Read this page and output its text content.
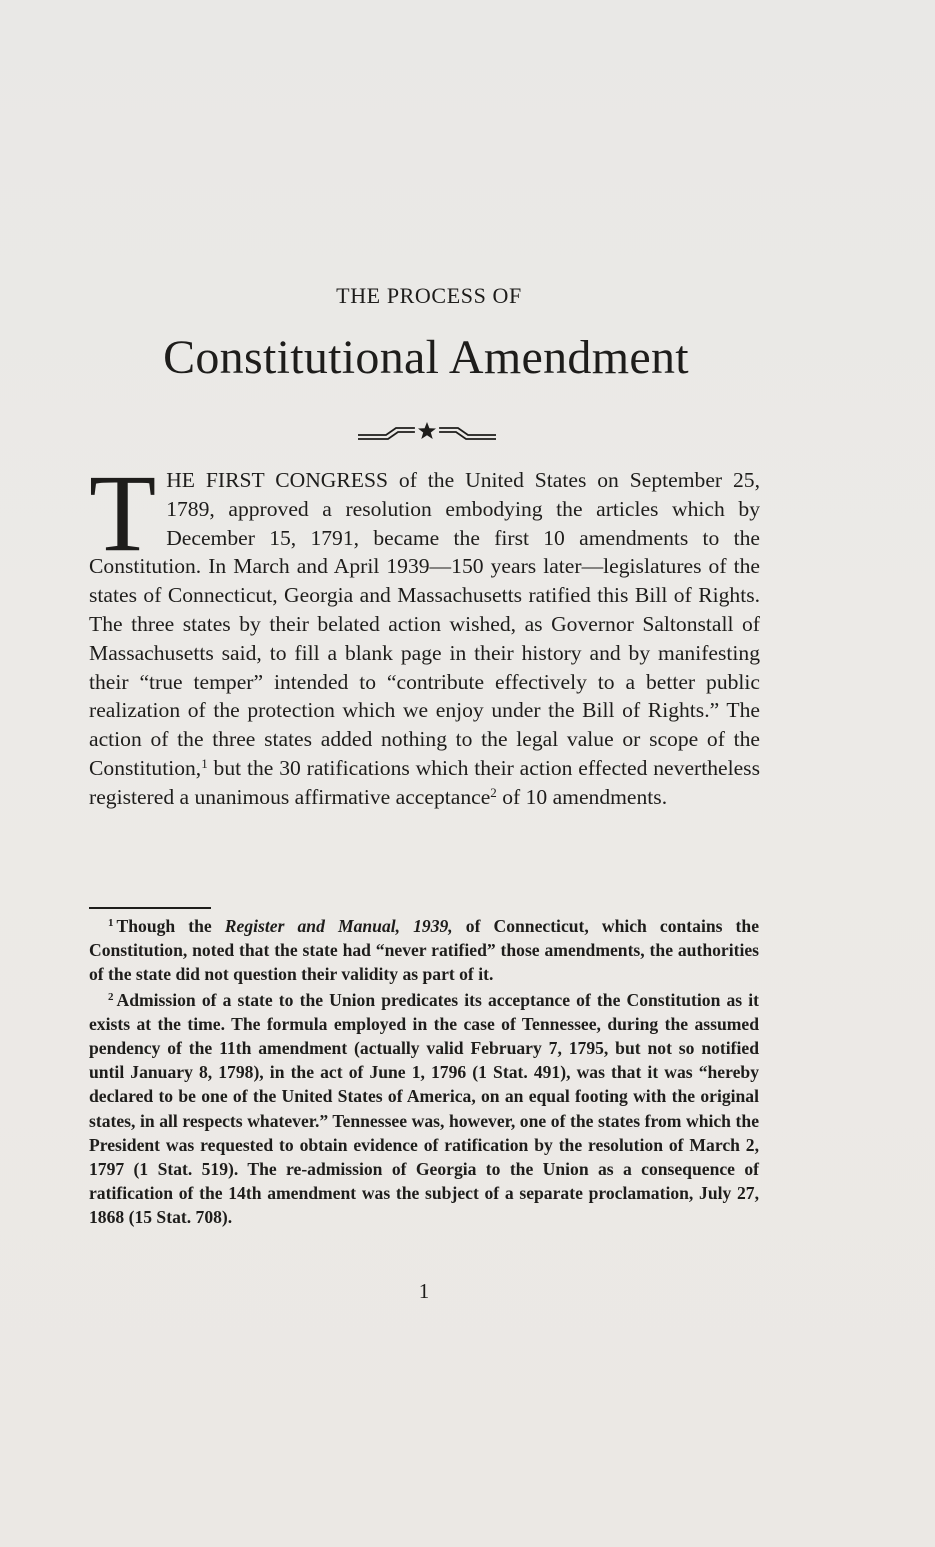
THE PROCESS OF
Constitutional Amendment

THE FIRST CONGRESS of the United States on September 25, 1789, approved a resolution embodying the articles which by December 15, 1791, became the first 10 amendments to the Constitution. In March and April 1939—150 years later—legislatures of the states of Connecticut, Georgia and Massachusetts ratified this Bill of Rights. The three states by their belated action wished, as Governor Saltonstall of Massachusetts said, to fill a blank page in their history and by manifesting their “true temper” intended to “contribute effectively to a better public realization of the protection which we enjoy under the Bill of Rights.” The action of the three states added nothing to the legal value or scope of the Constitution,$^1$ but the 30 ratifications which their action effected nevertheless registered a unanimous affirmative acceptance$^2$ of 10 amendments.

$^1$ Though the Register and Manual, 1939, of Connecticut, which contains the Constitution, noted that the state had “never ratified” those amendments, the authorities of the state did not question their validity as part of it.

$^2$ Admission of a state to the Union predicates its acceptance of the Constitution as it exists at the time. The formula employed in the case of Tennessee, during the assumed pendency of the 11th amendment (actually valid February 7, 1795, but not so notified until January 8, 1798), in the act of June 1, 1796 (1 Stat. 491), was that it was “hereby declared to be one of the United States of America, on an equal footing with the original states, in all respects whatever.” Tennessee was, however, one of the states from which the President was requested to obtain evidence of ratification by the resolution of March 2, 1797 (1 Stat. 519). The re-admission of Georgia to the Union as a consequence of ratification of the 14th amendment was the subject of a separate proclamation, July 27, 1868 (15 Stat. 708).

1
